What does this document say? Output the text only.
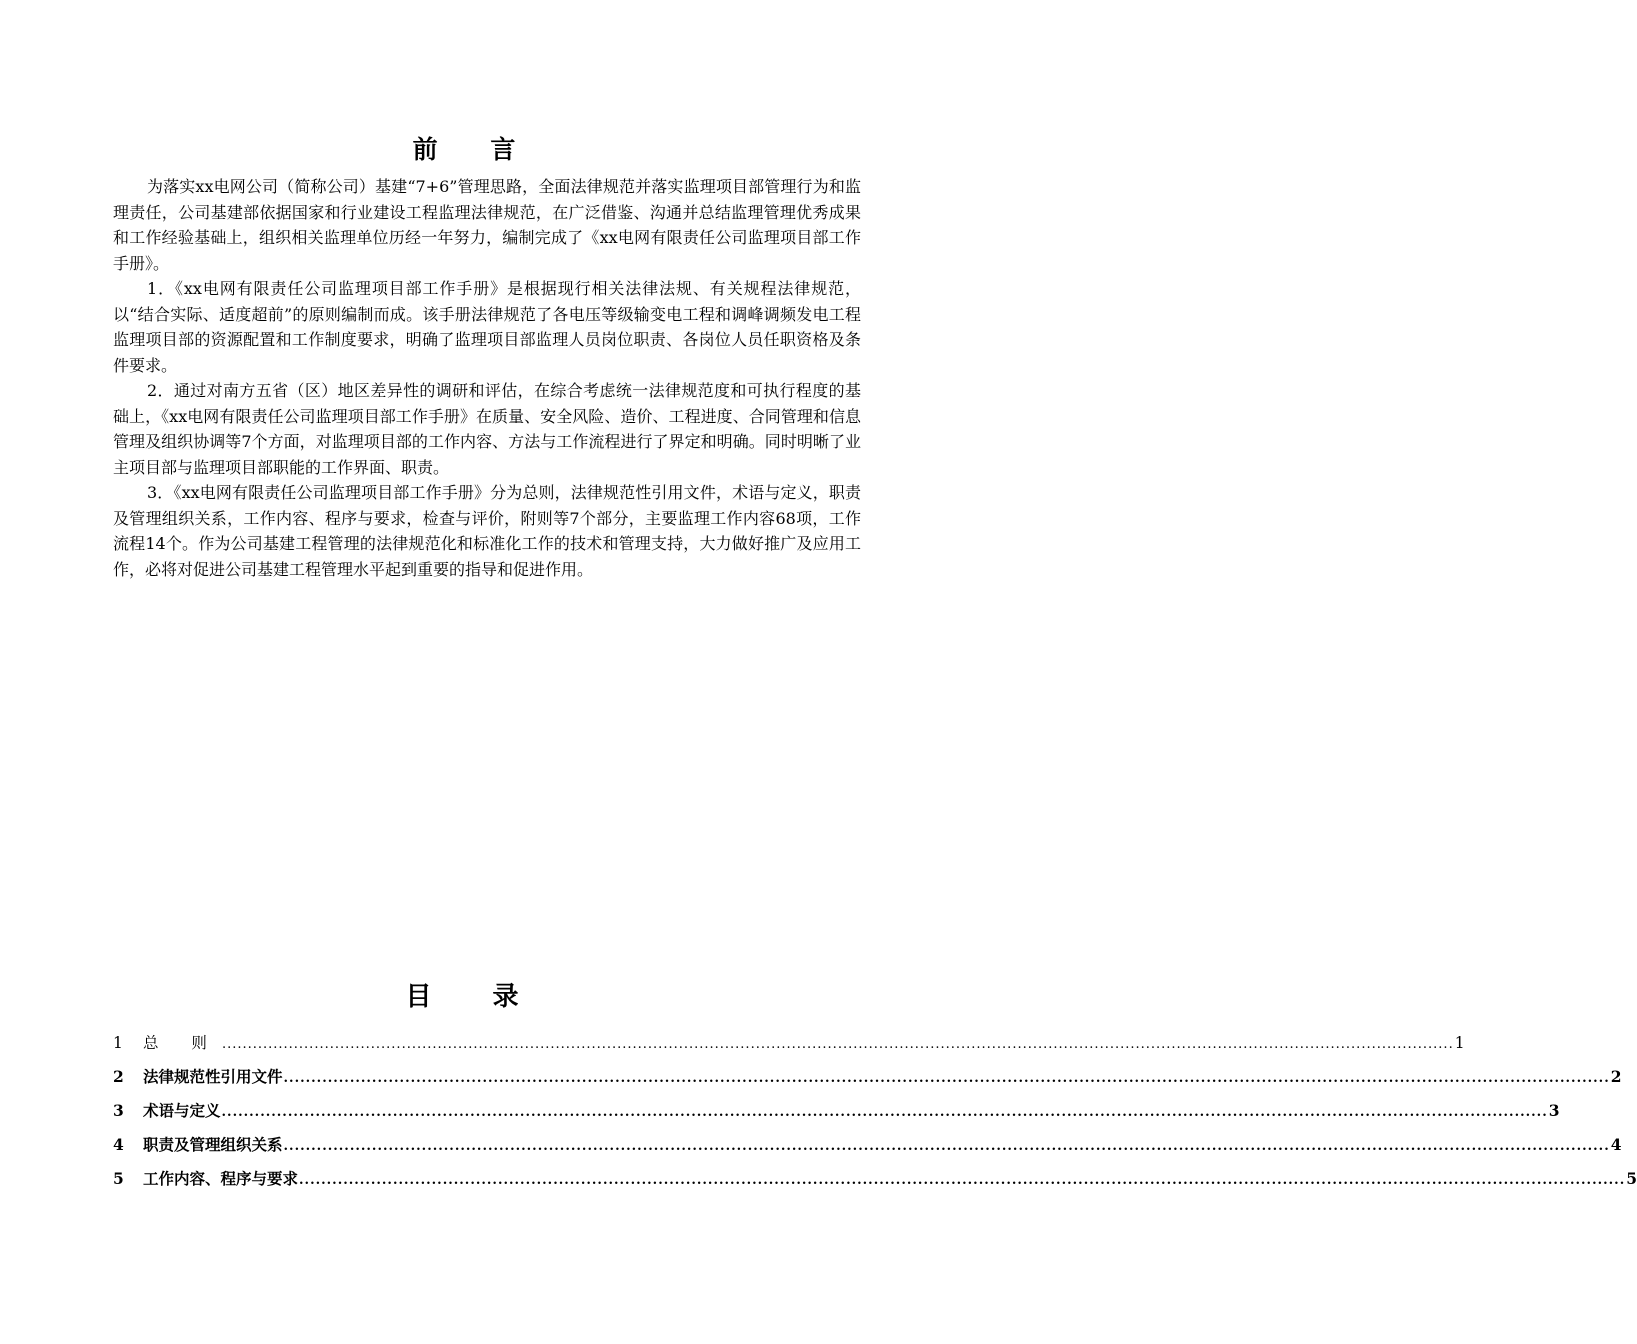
前 言

为落实xx电网公司（简称公司）基建“7+6”管理思路，全面法律规范并落实监理项目部管理行为和监理责任，公司基建部依据国家和行业建设工程监理法律规范，在广泛借鉴、沟通并总结监理管理优秀成果和工作经验基础上，组织相关监理单位历经一年努力，编制完成了《xx电网有限责任公司监理项目部工作手册》。

1．《xx电网有限责任公司监理项目部工作手册》是根据现行相关法律法规、有关规程法律规范，以“结合实际、适度超前”的原则编制而成。该手册法律规范了各电压等级输变电工程和调峰调频发电工程监理项目部的资源配置和工作制度要求，明确了监理项目部监理人员岗位职责、各岗位人员任职资格及条件要求。

2．通过对南方五省（区）地区差异性的调研和评估，在综合考虑统一法律规范度和可执行程度的基础上，《xx电网有限责任公司监理项目部工作手册》在质量、安全风险、造价、工程进度、合同管理和信息管理及组织协调等7个方面，对监理项目部的工作内容、方法与工作流程进行了界定和明确。同时明晰了业主项目部与监理项目部职能的工作界面、职责。

3．《xx电网有限责任公司监理项目部工作手册》分为总则，法律规范性引用文件，术语与定义，职责及管理组织关系，工作内容、程序与要求，检查与评价，附则等7个部分，主要监理工作内容68项，工作流程14个。作为公司基建工程管理的法律规范化和标准化工作的技术和管理支持，大力做好推广及应用工作，必将对促进公司基建工程管理水平起到重要的指导和促进作用。

目 录
1	总 则 ................................................................................................................................................................................................................................................ 1
2	法律规范性引用文件 ................................................................................................................................................................................................................................................ 2
3	术语与定义 ................................................................................................................................................................................................................................................ 3
4	职责及管理组织关系 ................................................................................................................................................................................................................................................ 4
5	工作内容、程序与要求 ................................................................................................................................................................................................................................................ 5
